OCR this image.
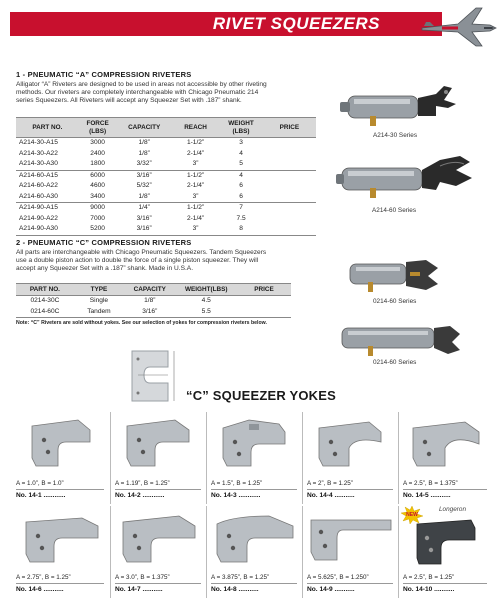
RIVET SQUEEZERS
1 - PNEUMATIC “A” COMPRESSION RIVETERS
Alligator “A” Riveters are designed to be used in areas not accessible by other riveting
methods. Our riveters are completely interchangeable with Chicago Pneumatic 214
series Squeezers. All Riveters will accept any Squeezer Set with .187” shank.
PART NO.	FORCE (LBS)	CAPACITY	REACH	WEIGHT (LBS)	PRICE
A214-30-A15	3000	1/8”	1-1/2”	3	
A214-30-A22	2400	1/8”	2-1/4”	4	
A214-30-A30	1800	3/32”	3”	5	
A214-60-A15	6000	3/16”	1-1/2”	4	
A214-60-A22	4600	5/32”	2-1/4”	6	
A214-60-A30	3400	1/8”	3”	6	
A214-90-A15	9000	1/4”	1-1/2”	7	
A214-90-A22	7000	3/16”	2-1/4”	7.5	
A214-90-A30	5200	3/16”	3”	8	
A214-30 Series
A214-60 Series
2 - PNEUMATIC “C” COMPRESSION RIVETERS
All parts are interchangeable with Chicago Pneumatic Squeezers. Tandem Squeezers
use a double piston action to double the force of a single piston squeezer. They will
accept any Squeezer Set with a .187” shank. Made in U.S.A.
PART NO.	TYPE	CAPACITY	WEIGHT(LBS)	PRICE
0214-30C	Single	1/8”	4.5	
0214-60C	Tandem	3/16”	5.5	
Note: “C” Riveters are sold without yokes. See our selection of yokes for compression riveters below.
0214-60 Series
0214-60 Series
“C” SQUEEZER YOKES
A = 1.0”, B = 1.0”
No. 14-1 ............
A = 1.19”, B = 1.25”
No. 14-2 ............
A = 1.5”, B = 1.25”
No. 14-3 ............
A = 2”, B = 1.25”
No. 14-4 ...........
A = 2.5”, B = 1.375”
No. 14-5 ...........
A = 2.75”, B = 1.25”
No. 14-6 ...........
A = 3.0”, B = 1.375”
No. 14-7 ...........
A = 3.875”, B = 1.25”
No. 14-8 ...........
A = 5.625”, B = 1.250”
No. 14-9 ...........
Longeron
NEW
A = 2.5”, B = 1.25”
No. 14-10 ...........
